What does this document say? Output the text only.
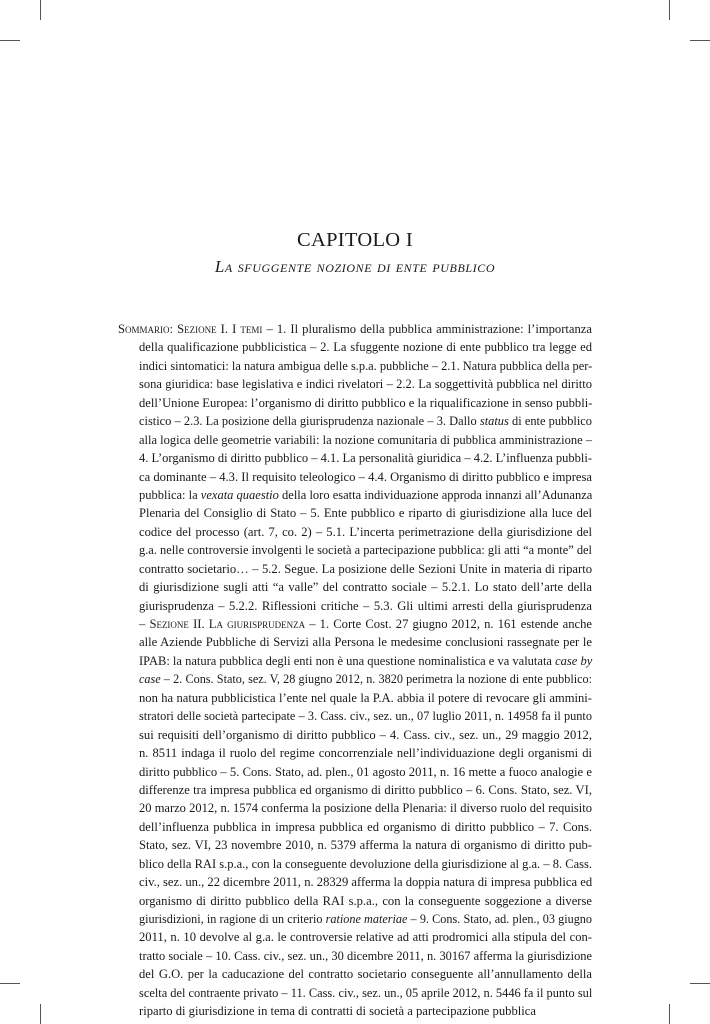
CAPITOLO I
La sfuggente nozione di ente pubblico
Sommario: Sezione I. I temi – 1. Il pluralismo della pubblica amministrazione: l’importanza
della qualificazione pubblicistica – 2. La sfuggente nozione di ente pubblico tra legge ed
indici sintomatici: la natura ambigua delle s.p.a. pubbliche – 2.1. Natura pubblica della per-
sona giuridica: base legislativa e indici rivelatori – 2.2. La soggettività pubblica nel diritto
dell’Unione Europea: l’organismo di diritto pubblico e la riqualificazione in senso pubbli-
cistico – 2.3. La posizione della giurisprudenza nazionale – 3. Dallo status di ente pubblico
alla logica delle geometrie variabili: la nozione comunitaria di pubblica amministrazione –
4. L’organismo di diritto pubblico – 4.1. La personalità giuridica – 4.2. L’influenza pubbli-
ca dominante – 4.3. Il requisito teleologico – 4.4. Organismo di diritto pubblico e impresa
pubblica: la vexata quaestio della loro esatta individuazione approda innanzi all’Adunanza
Plenaria del Consiglio di Stato – 5. Ente pubblico e riparto di giurisdizione alla luce del
codice del processo (art. 7, co. 2) – 5.1. L’incerta perimetrazione della giurisdizione del
g.a. nelle controversie involgenti le società a partecipazione pubblica: gli atti “a monte” del
contratto societario… – 5.2. Segue. La posizione delle Sezioni Unite in materia di riparto
di giurisdizione sugli atti “a valle” del contratto sociale – 5.2.1. Lo stato dell’arte della
giurisprudenza – 5.2.2. Riflessioni critiche – 5.3. Gli ultimi arresti della giurisprudenza
– Sezione II. La giurisprudenza – 1. Corte Cost. 27 giugno 2012, n. 161 estende anche
alle Aziende Pubbliche di Servizi alla Persona le medesime conclusioni rassegnate per le
IPAB: la natura pubblica degli enti non è una questione nominalistica e va valutata case by
case – 2. Cons. Stato, sez. V, 28 giugno 2012, n. 3820 perimetra la nozione di ente pubblico:
non ha natura pubblicistica l’ente nel quale la P.A. abbia il potere di revocare gli ammini-
stratori delle società partecipate – 3. Cass. civ., sez. un., 07 luglio 2011, n. 14958 fa il punto
sui requisiti dell’organismo di diritto pubblico – 4. Cass. civ., sez. un., 29 maggio 2012,
n. 8511 indaga il ruolo del regime concorrenziale nell’individuazione degli organismi di
diritto pubblico – 5. Cons. Stato, ad. plen., 01 agosto 2011, n. 16 mette a fuoco analogie e
differenze tra impresa pubblica ed organismo di diritto pubblico – 6. Cons. Stato, sez. VI,
20 marzo 2012, n. 1574 conferma la posizione della Plenaria: il diverso ruolo del requisito
dell’influenza pubblica in impresa pubblica ed organismo di diritto pubblico – 7. Cons.
Stato, sez. VI, 23 novembre 2010, n. 5379 afferma la natura di organismo di diritto pub-
blico della RAI s.p.a., con la conseguente devoluzione della giurisdizione al g.a. – 8. Cass.
civ., sez. un., 22 dicembre 2011, n. 28329 afferma la doppia natura di impresa pubblica ed
organismo di diritto pubblico della RAI s.p.a., con la conseguente soggezione a diverse
giurisdizioni, in ragione di un criterio ratione materiae – 9. Cons. Stato, ad. plen., 03 giugno
2011, n. 10 devolve al g.a. le controversie relative ad atti prodromici alla stipula del con-
tratto sociale – 10. Cass. civ., sez. un., 30 dicembre 2011, n. 30167 afferma la giurisdizione
del G.O. per la caducazione del contratto societario conseguente all’annullamento della
scelta del contraente privato – 11. Cass. civ., sez. un., 05 aprile 2012, n. 5446 fa il punto sul
riparto di giurisdizione in tema di contratti di società a partecipazione pubblica
